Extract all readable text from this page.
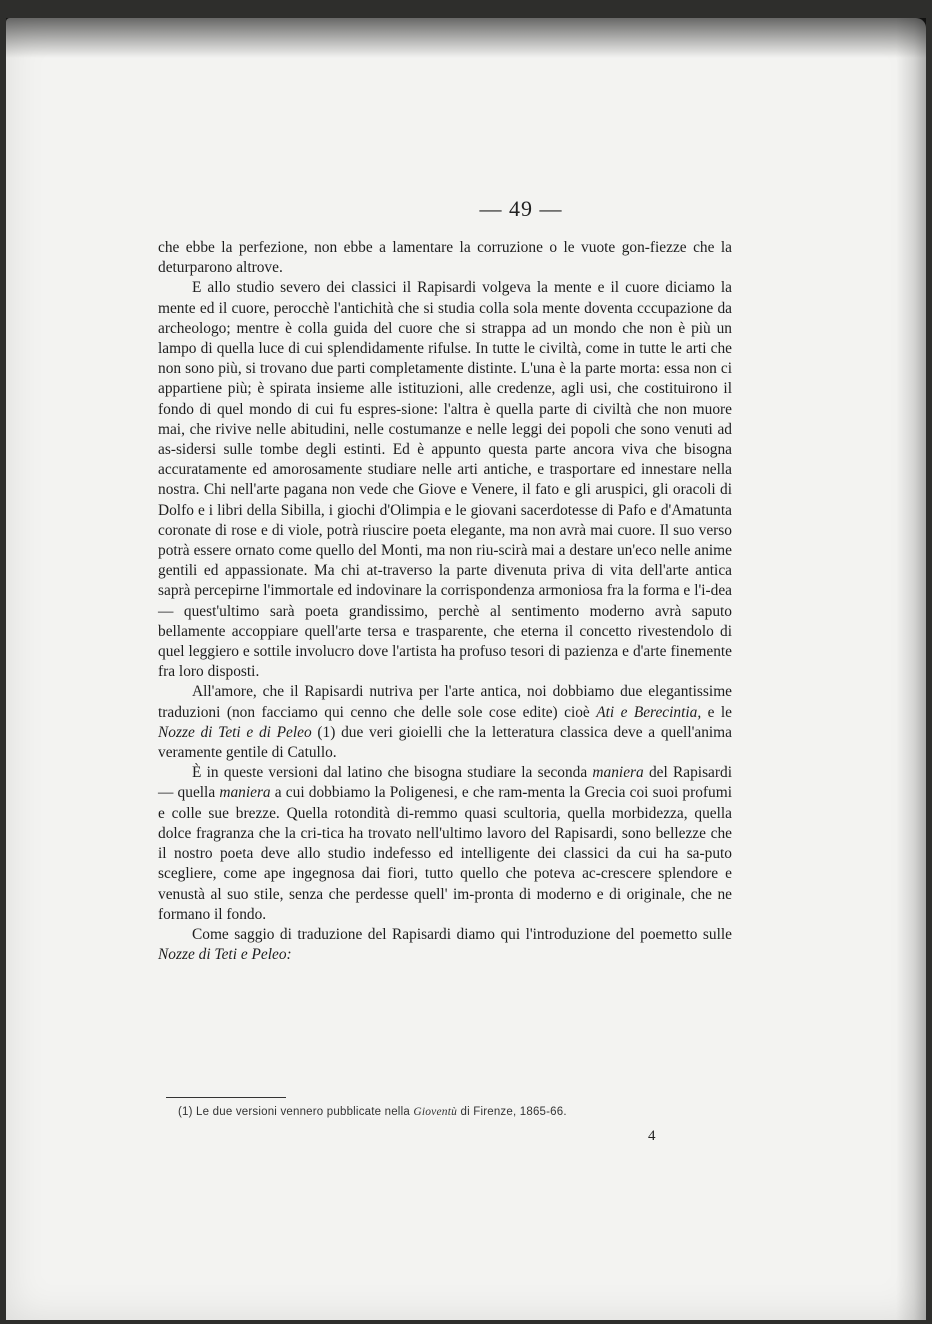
— 49 —

che ebbe la perfezione, non ebbe a lamentare la corruzione o le vuote gon-fiezze che la deturparono altrove.

E allo studio severo dei classici il Rapisardi volgeva la mente e il cuore diciamo la mente ed il cuore, perocchè l'antichità che si studia colla sola mente doventa cccupazione da archeologo; mentre è colla guida del cuore che si strappa ad un mondo che non è più un lampo di quella luce di cui splendidamente rifulse. In tutte le civiltà, come in tutte le arti che non sono più, si trovano due parti completamente distinte. L'una è la parte morta: essa non ci appartiene più; è spirata insieme alle istituzioni, alle credenze, agli usi, che costituirono il fondo di quel mondo di cui fu espres-sione: l'altra è quella parte di civiltà che non muore mai, che rivive nelle abitudini, nelle costumanze e nelle leggi dei popoli che sono venuti ad as-sidersi sulle tombe degli estinti. Ed è appunto questa parte ancora viva che bisogna accuratamente ed amorosamente studiare nelle arti antiche, e trasportare ed innestare nella nostra. Chi nell'arte pagana non vede che Giove e Venere, il fato e gli aruspici, gli oracoli di Dolfo e i libri della Sibilla, i giochi d'Olimpia e le giovani sacerdotesse di Pafo e d'Amatunta coronate di rose e di viole, potrà riuscire poeta elegante, ma non avrà mai cuore. Il suo verso potrà essere ornato come quello del Monti, ma non riu-scirà mai a destare un'eco nelle anime gentili ed appassionate. Ma chi at-traverso la parte divenuta priva di vita dell'arte antica saprà percepirne l'immortale ed indovinare la corrispondenza armoniosa fra la forma e l'i-dea — quest'ultimo sarà poeta grandissimo, perchè al sentimento moderno avrà saputo bellamente accoppiare quell'arte tersa e trasparente, che eterna il concetto rivestendolo di quel leggiero e sottile involucro dove l'artista ha profuso tesori di pazienza e d'arte finemente fra loro disposti.

All'amore, che il Rapisardi nutriva per l'arte antica, noi dobbiamo due elegantissime traduzioni (non facciamo qui cenno che delle sole cose edite) cioè Ati e Berecintia, e le Nozze di Teti e di Peleo (1) due veri gioielli che la letteratura classica deve a quell'anima veramente gentile di Catullo.

È in queste versioni dal latino che bisogna studiare la seconda maniera del Rapisardi — quella maniera a cui dobbiamo la Poligenesi, e che ram-menta la Grecia coi suoi profumi e colle sue brezze. Quella rotondità di-remmo quasi scultoria, quella morbidezza, quella dolce fragranza che la cri-tica ha trovato nell'ultimo lavoro del Rapisardi, sono bellezze che il nostro poeta deve allo studio indefesso ed intelligente dei classici da cui ha sa-puto scegliere, come ape ingegnosa dai fiori, tutto quello che poteva ac-crescere splendore e venustà al suo stile, senza che perdesse quell' im-pronta di moderno e di originale, che ne formano il fondo.

Come saggio di traduzione del Rapisardi diamo qui l'introduzione del poemetto sulle Nozze di Teti e Peleo:

(1) Le due versioni vennero pubblicate nella Gioventù di Firenze, 1865-66.
4
